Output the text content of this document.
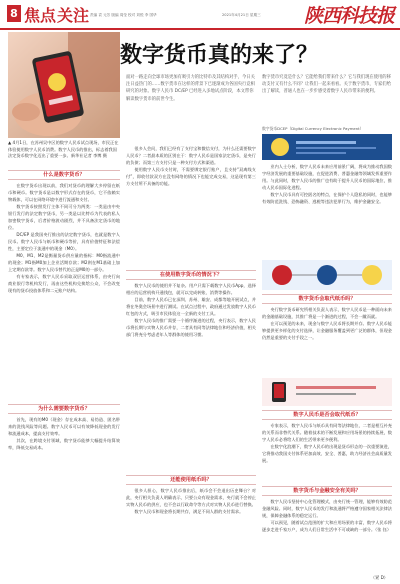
8 焦点 关注 责编 袁 元芳 版编 周莹 校对 刘悦 李 国华	2021年4月21日 星期三 陕西科技报
数字货币真的来了？
面对一路走向全球市场更加有吸引力的比特币及其结构对手，今日关注日益热门的……数字货币在这样的背景下已逐渐成为各国央行竞相研究的对象。数字人民币 DC/EP 已经进入多地试点阶段，本文带你解读数字货币的前世今生。
数字货币究竟是什么？它能给我们带来什么？它与我们现在使用的移动支付又有什么不同？让我们一起来看看。关于数字货币，专家们给出了解读，普通人也在一步步感受着数字人民币带来的便利。
数字货币DCEP（Digital Currency Electronic Payment）
▲ 4月1日，在苏州吴中区的数字人民币试点现场，市民正在体验使用数字人民币消费。数字人民币的推出，标志着我国法定货币数字化迈出了重要一步。新华社记者 李博 摄
什么是数字货币？

在数字货币出现以前，我们对货币的理解大多停留在纸币和硬币。数字货币是以数字形式存在的货币，它不依赖实物载体，可以在网络环境中进行流通和支付。

数字货币按照发行主体不同可分为两类：一类是由中央银行发行的法定数字货币，另一类是以比特币为代表的私人加密数字货币，后者价格波动剧烈，并不具备法定货币的地位。

DC/EP 是我国央行推出的法定数字货币，也就是数字人民币。数字人民币与纸币和硬币等价，具有价值特征和法偿性，主要定位于流通中的现金（M0）。

M0、M1、M2是衡量货币供应量的指标：M0指流通中的现金；M1指M0加上企业活期存款；M2则在M1基础上加上定期存款等。数字人民币替代的正是M0的一部分。

有专家表示，数字人民币采取双层运营体系，由央行向商业银行等机构发行，再由这些机构兑换给公众，不会改变现有的货币投放体系和二元账户结构。

为什么需要数字货币？

首先，现有的M0（现金）存在成本高、易伪造、匿名带来的洗钱风险等问题。数字人民币可以有效降低现金的发行和流通成本，提高支付效率。

其次，在跨境支付领域，数字货币能够大幅提升结算效率，降低交易成本。

很多人会问，我们已经有了支付宝和微信支付，为什么还需要数字人民币？二者最本质的区别在于：数字人民币是国家法定货币，是央行的负债；而第三方支付只是一种支付方式和渠道。

使用数字人民币支付时，不需要绑定银行账户，且支持“双离线支付”，即收付款双方在没有网络的情况下也能完成交易，这是现有第三方支付所不具备的功能。

在使用数字货币的情况下？

数字人民币的使用并不复杂。用户只需下载数字人民币App，选择相应的运营机构开通钱包，就可以完成转账、消费等操作。

目前，数字人民币已在深圳、苏州、雄安、成都等地开展试点，并将在冬奥会场景中进行测试。在试点过程中，政府通过发放数字人民币红包的方式，吸引市民体验这一全新的支付工具。

数字人民币的推广需要一个循序渐进的过程，央行表示，数字人民币将长期与实物人民币并存，二者具有同等法律地位和经济价值，相关部门将充分考虑老年人等群体的使用习惯。

还能使用纸币吗？

很多人担心，数字人民币推出后，纸币会不会退出历史舞台？对此，央行相关负责人明确表示，只要公众有现金需求，央行就不会停止实物人民币的供应，也不会以行政命令等方式对实物人民币进行替换。

数字人民币和现金将长期共存，满足不同人群的支付需求。

业内人士分析，数字人民币未来应用前景广阔，将成为推动我国数字经济发展的重要基础设施，在促进消费、普惠金融等领域发挥重要作用。与此同时，数字人民币的推广也有助于提升人民币的国际地位，推动人民币国际化进程。

数字人民币具有可控匿名的特点，在保护个人隐私的同时，也能够有效防范洗钱、恐怖融资、逃税等违法犯罪行为，维护金融安全。

数字货币会取代纸币吗？

央行数字货币研究所相关负责人表示，数字人民币是一种面向未来的金融基础设施，其推广将是一个渐进的过程，不会一蹴而就。

在可以预见的未来，现金与数字人民币将长期并存。数字人民币能够提供更多样化的支付选择，让金融服务覆盖到更广泛的群体，但现金仍然是重要的支付手段之一。

数字人民币是否会取代纸币？

专家表示，数字人民币与纸币具有同等法律地位，二者是相互补充的关系而非替代关系。随着技术的不断发展和应用场景的持续拓展，数字人民币必将给人们的生活带来更多便利。

在数字化浪潮下，数字人民币的出现是货币形态的一次重要演进，它将推动我国支付体系更加高效、安全、普惠，助力经济社会高质量发展。

数字货币与金融安全有关吗？

数字人民币坚持中心化管理模式，由央行统一管理，能够有效防范金融风险。同时，数字人民币的发行和流通将严格遵守国家相关法律法规，保障金融体系的稳定运行。

可以预见，随着试点范围的扩大和应用场景的丰富，数字人民币将逐步走进千家万户，成为人们日常生活中不可或缺的一部分。（张 钰）

（紧 D）
